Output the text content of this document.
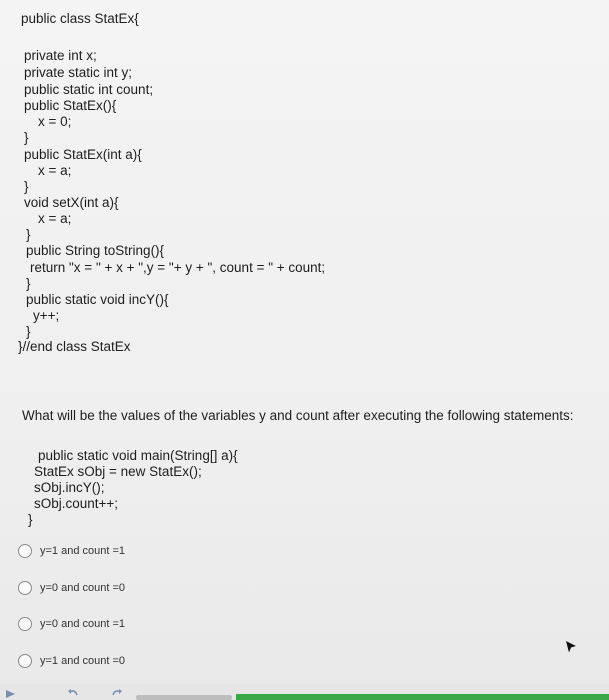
public class StatEx{
private int x;
private static int y;
public static int count;
public StatEx(){
x = 0;
}
public StatEx(int a){
x = a;
}
void setX(int a){
x = a;
}
public String toString(){
return "x = " + x + ",y = "+ y + ", count = " + count;
}
public static void incY(){
y++;
}
}//end class StatEx
What will be the values of the variables y and count after executing the following statements:
public static void main(String[] a){
StatEx sObj = new StatEx();
sObj.incY();
sObj.count++;
}
y=1 and count =1
y=0 and count =0
y=0 and count =1
y=1 and count =0
